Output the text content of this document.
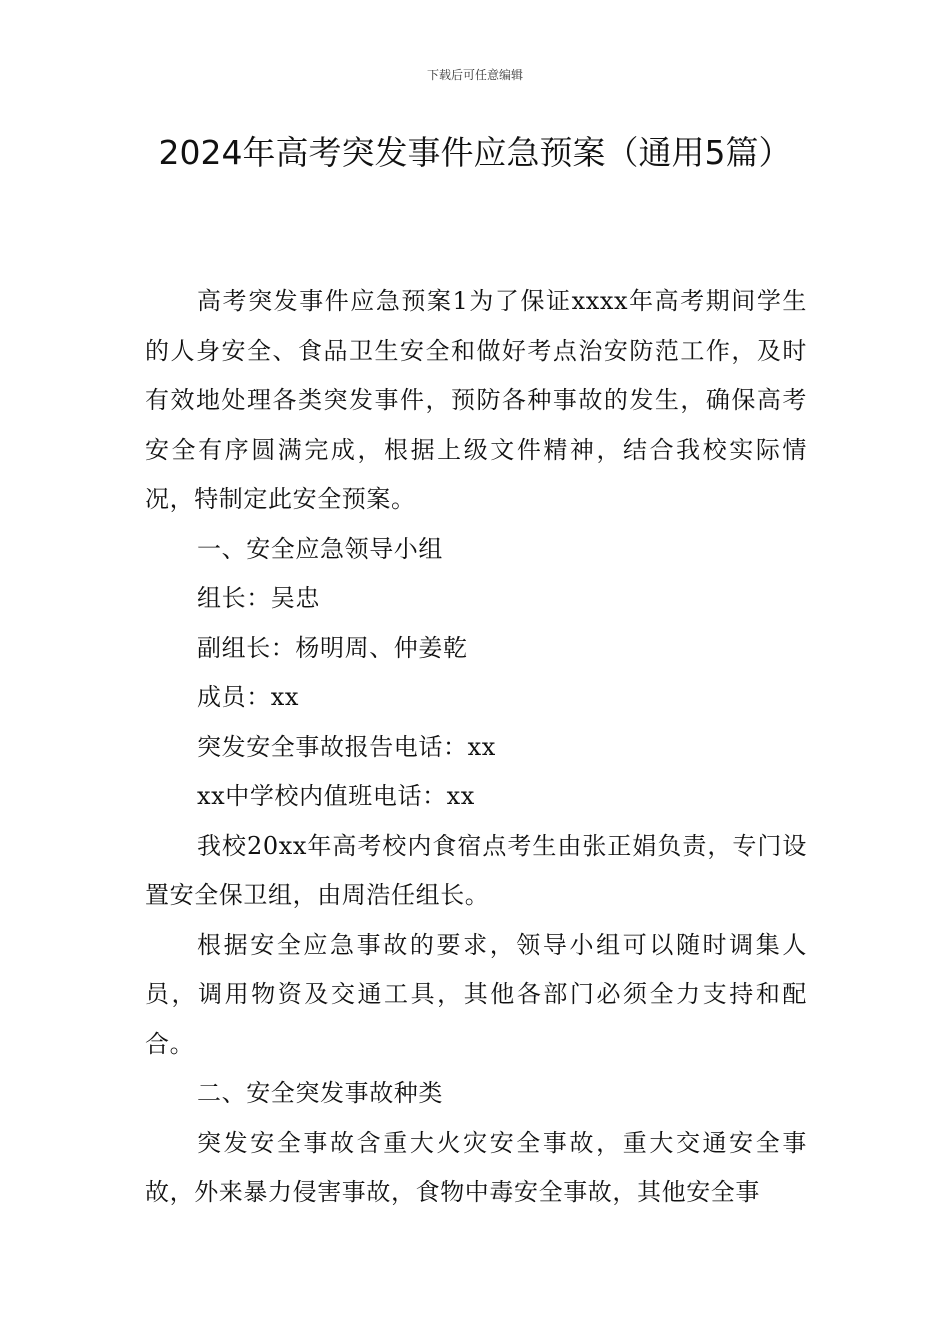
下载后可任意编辑
2024年高考突发事件应急预案（通用5篇）

高考突发事件应急预案1为了保证xxxx年高考期间学生的人身安全、食品卫生安全和做好考点治安防范工作，及时有效地处理各类突发事件，预防各种事故的发生，确保高考安全有序圆满完成，根据上级文件精神，结合我校实际情况，特制定此安全预案。

一、安全应急领导小组

组长：吴忠

副组长：杨明周、仲姜乾

成员：xx

突发安全事故报告电话：xx

xx中学校内值班电话：xx

我校20xx年高考校内食宿点考生由张正娟负责，专门设置安全保卫组，由周浩任组长。

根据安全应急事故的要求，领导小组可以随时调集人员，调用物资及交通工具，其他各部门必须全力支持和配合。

二、安全突发事故种类

突发安全事故含重大火灾安全事故，重大交通安全事故，外来暴力侵害事故，食物中毒安全事故，其他安全事
